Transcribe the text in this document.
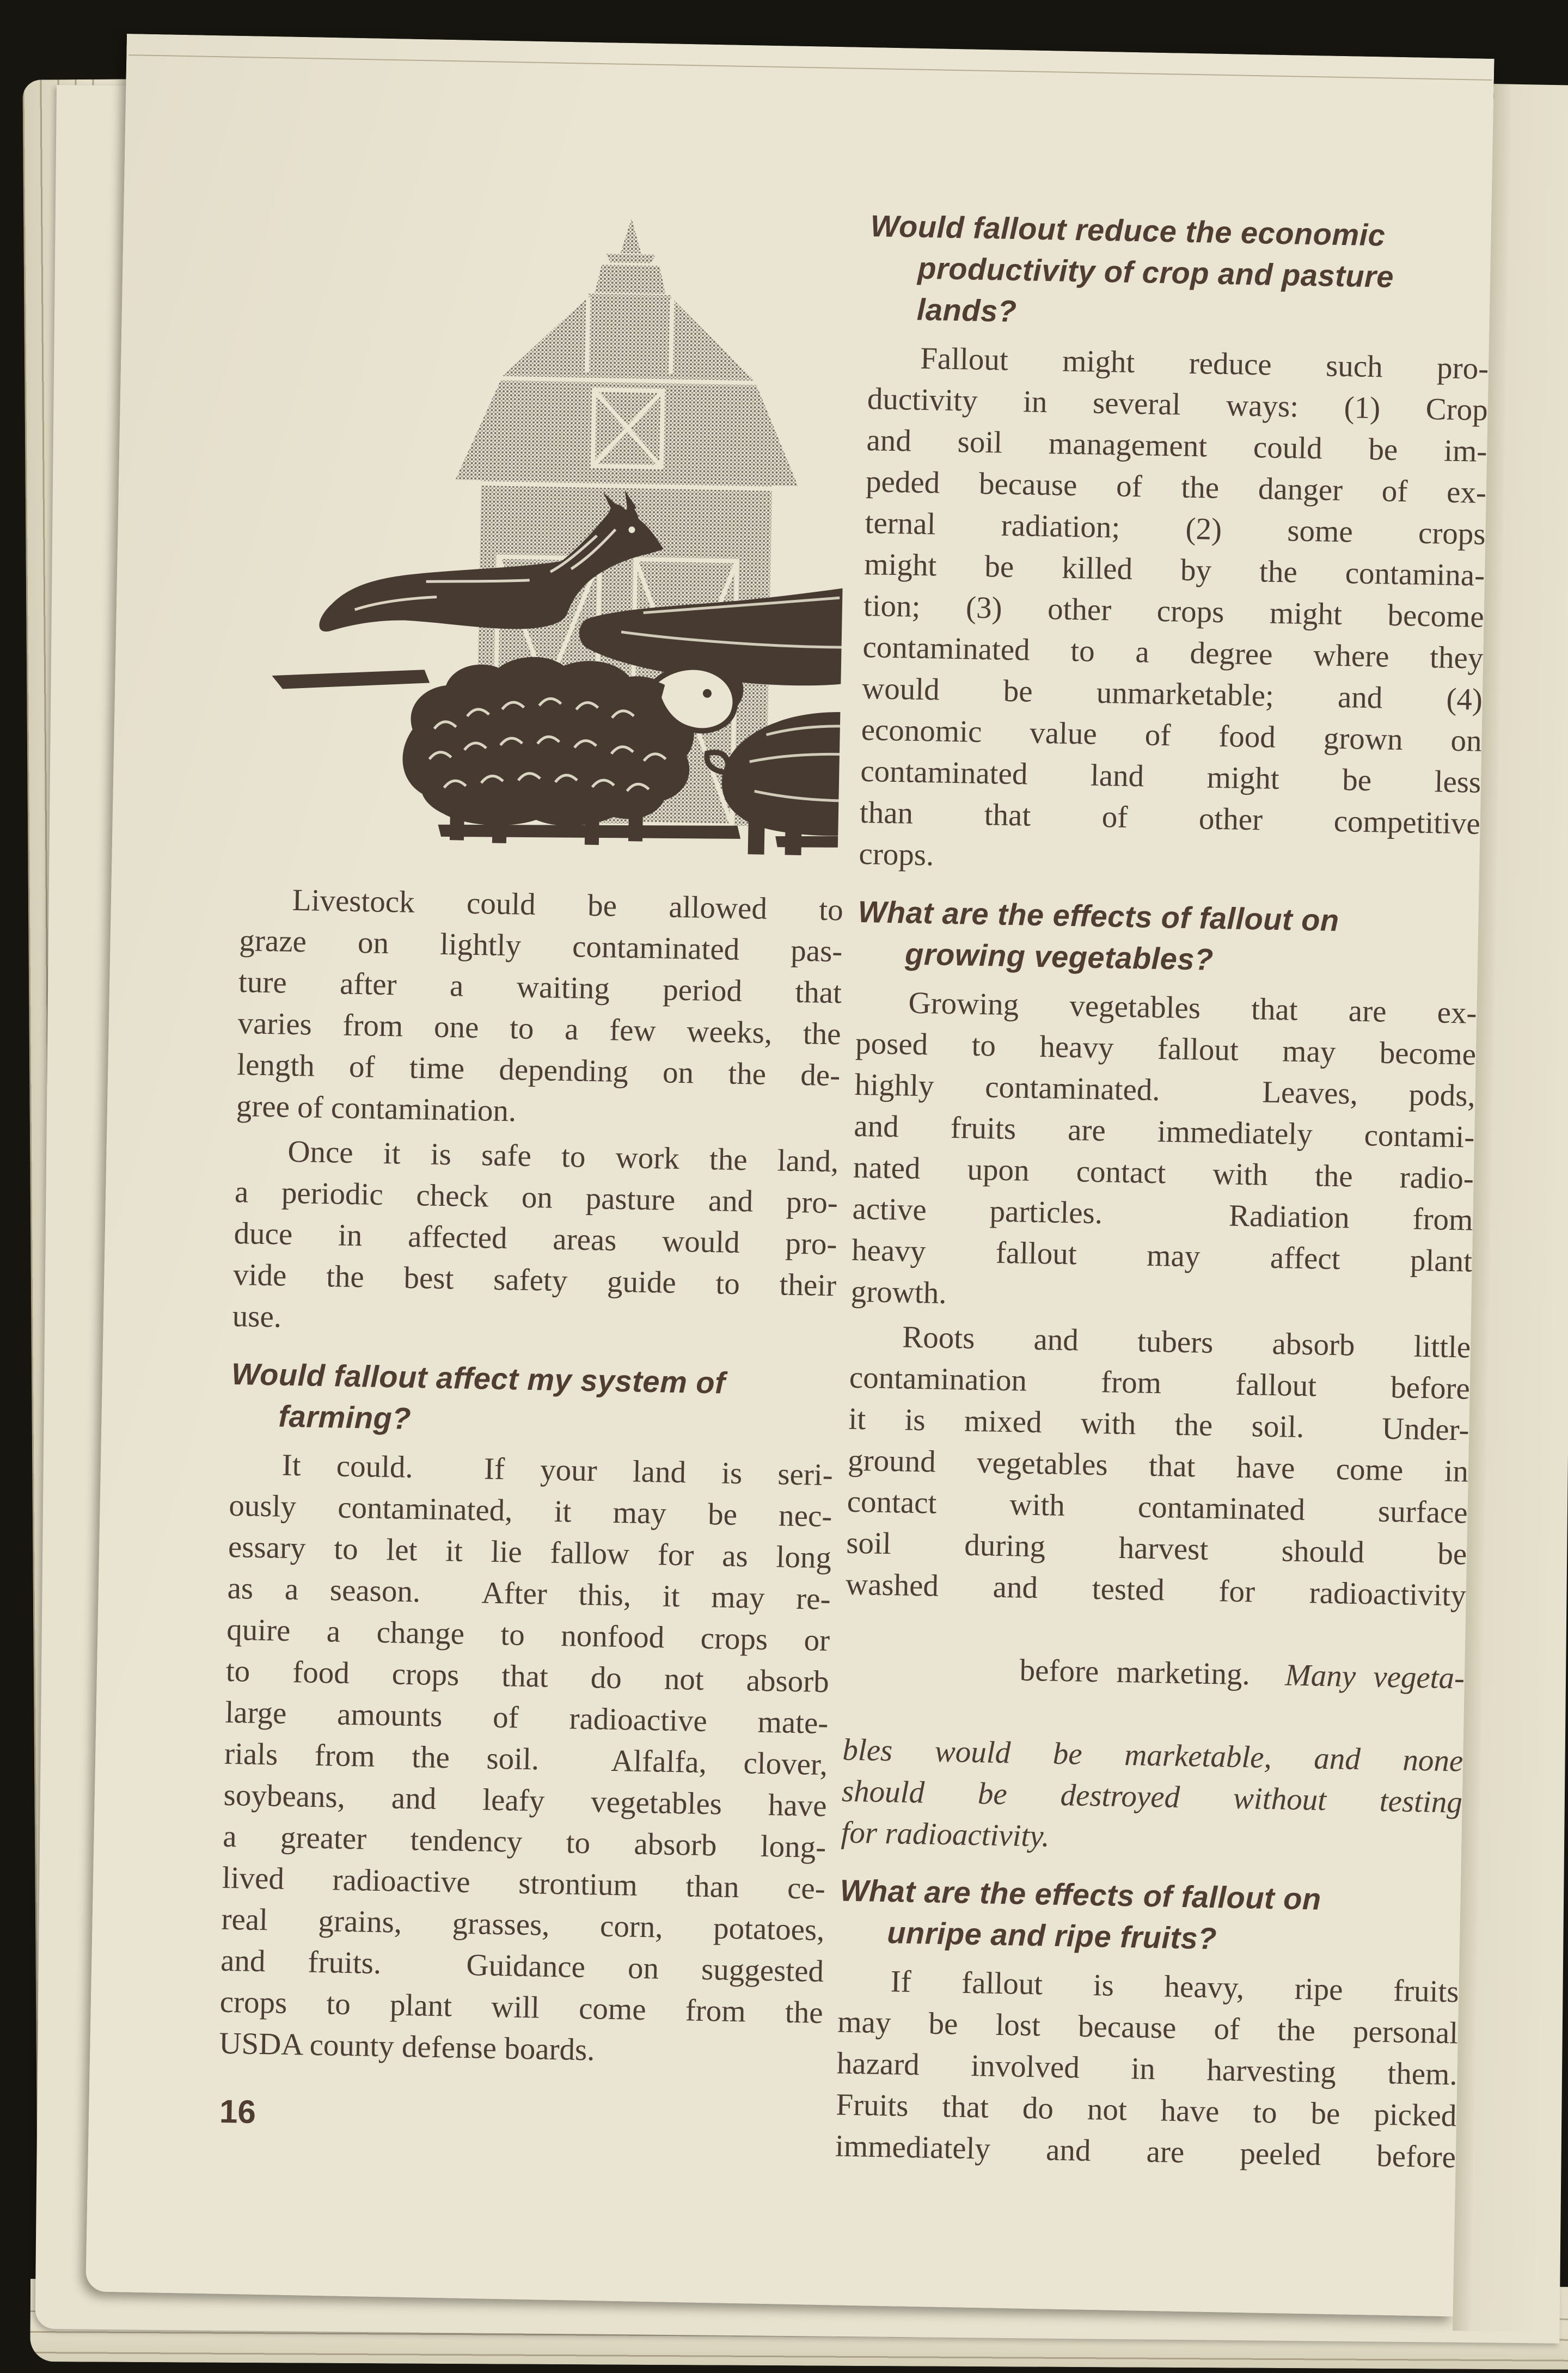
Livestock could be allowed to
graze on lightly contaminated pas-
ture after a waiting period that
varies from one to a few weeks, the
length of time depending on the de-
gree of contamination.
Once it is safe to work the land,
a periodic check on pasture and pro-
duce in affected areas would pro-
vide the best safety guide to their
use.
Would fallout affect my system of
farming?
It could.  If your land is seri-
ously contaminated, it may be nec-
essary to let it lie fallow for as long
as a season.  After this, it may re-
quire a change to nonfood crops or
to food crops that do not absorb
large amounts of radioactive mate-
rials from the soil.  Alfalfa, clover,
soybeans, and leafy vegetables have
a greater tendency to absorb long-
lived radioactive strontium than ce-
real grains, grasses, corn, potatoes,
and fruits.  Guidance on suggested
crops to plant will come from the
USDA county defense boards.
Would fallout reduce the economic
productivity of crop and pasture
lands?
Fallout might reduce such pro-
ductivity in several ways: (1) Crop
and soil management could be im-
peded because of the danger of ex-
ternal radiation; (2) some crops
might be killed by the contamina-
tion; (3) other crops might become
contaminated to a degree where they
would be unmarketable; and (4)
economic value of food grown on
contaminated land might be less
than that of other competitive
crops.
What are the effects of fallout on
growing vegetables?
Growing vegetables that are ex-
posed to heavy fallout may become
highly contaminated.  Leaves, pods,
and fruits are immediately contami-
nated upon contact with the radio-
active particles.  Radiation from
heavy fallout may affect plant
growth.
Roots and tubers absorb little
contamination from fallout before
it is mixed with the soil.  Under-
ground vegetables that have come in
contact with contaminated surface
soil during harvest should be
washed and tested for radioactivity

before marketing.  Many vegeta-

bles would be marketable, and none
should be destroyed without testing
for radioactivity.
What are the effects of fallout on
unripe and ripe fruits?
If fallout is heavy, ripe fruits
may be lost because of the personal
hazard involved in harvesting them.
Fruits that do not have to be picked
immediately and are peeled before
16
